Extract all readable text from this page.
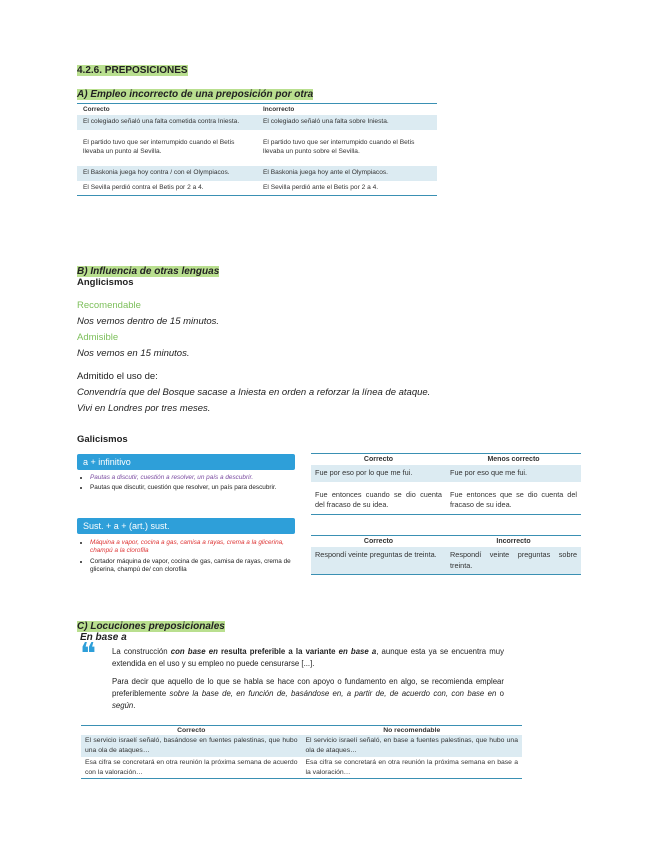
4.2.6. PREPOSICIONES
A) Empleo incorrecto de una preposición por otra
Correcto	Incorrecto
El colegiado señaló una falta cometida contra Iniesta.	El colegiado señaló una falta sobre Iniesta.
El partido tuvo que ser interrumpido cuando el Betis llevaba un punto al Sevilla.	El partido tuvo que ser interrumpido cuando el Betis llevaba un punto sobre el Sevilla.
El Baskonia juega hoy contra / con el Olympiacos.	El Baskonia juega hoy ante el Olympiacos.
El Sevilla perdió contra el Betis por 2 a 4.	El Sevilla perdió ante el Betis por 2 a 4.
B) Influencia de otras lenguas
Anglicismos
Recomendable
Nos vemos dentro de 15 minutos.
Admisible
Nos vemos en 15 minutos.
Admitido el uso de:
Convendría que del Bosque sacase a Iniesta en orden a reforzar la línea de ataque.
Vivi en Londres por tres meses.
Galicismos
a + infinitivo
• Pautas a discutir, cuestión a resolver, un país a descubrir.
• Pautas que discutir, cuestión que resolver, un país para descubrir.
Sust. + a + (art.) sust.
• Máquina a vapor, cocina a gas, camisa a rayas, crema a la glicerina, champú a la clorofila
• Cortador máquina de vapor, cocina de gas, camisa de rayas, crema de glicerina, champú de/ con clorofila
Correcto	Menos correcto
Fue por eso por lo que me fui.	Fue por eso que me fui.
Fue entonces cuando se dio cuenta del fracaso de su idea.	Fue entonces que se dio cuenta del fracaso de su idea.
Correcto	Incorrecto
Respondí veinte preguntas de treinta.	Respondí veinte preguntas sobre treinta.
C) Locuciones preposicionales
En base a
❝ La construcción con base en resulta preferible a la variante en base a, aunque esta ya se encuentra muy extendida en el uso y su empleo no puede censurarse [...].
Para decir que aquello de lo que se habla se hace con apoyo o fundamento en algo, se recomienda emplear preferiblemente sobre la base de, en función de, basándose en, a partir de, de acuerdo con, con base en o según.
Correcto	No recomendable
El servicio israelí señaló, basándose en fuentes palestinas, que hubo una ola de ataques…	El servicio israelí señaló, en base a fuentes palestinas, que hubo una ola de ataques…
Esa cifra se concretará en otra reunión la próxima semana de acuerdo con la valoración…	Esa cifra se concretará en otra reunión la próxima semana en base a la valoración…
